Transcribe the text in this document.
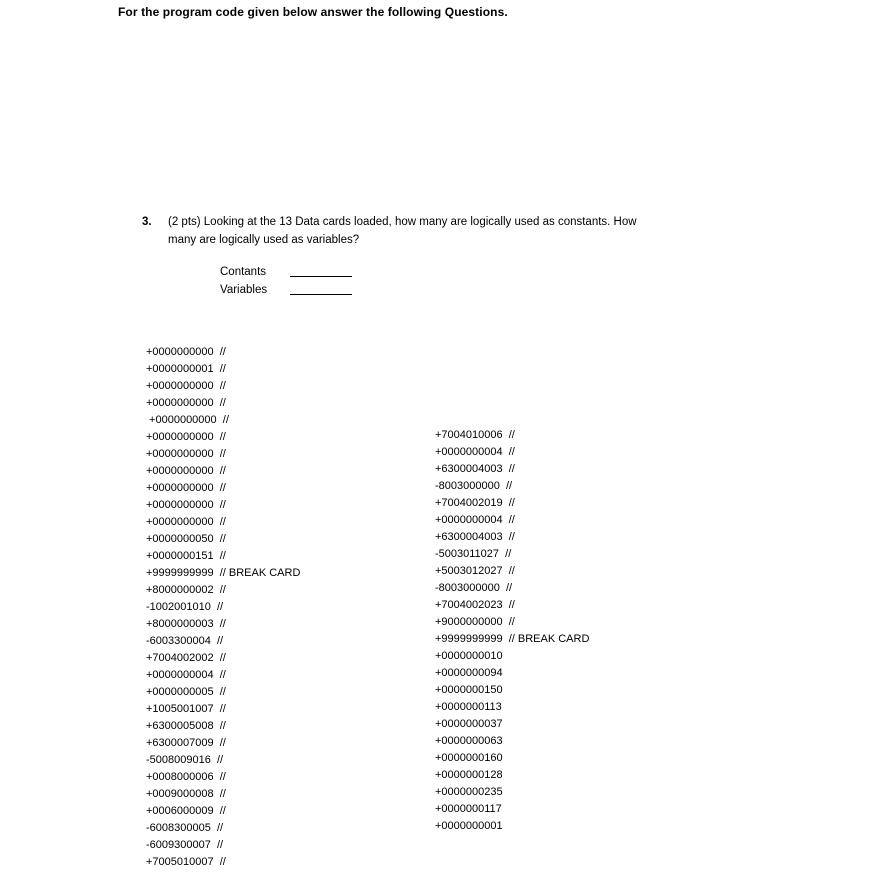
For the program code given below answer the following Questions.
3. (2 pts) Looking at the 13 Data cards loaded, how many are logically used as constants. How
many are logically used as variables?
Contants
Variables
+0000000000  //
+0000000001  //
+0000000000  //
+0000000000  //
+0000000000  //
+0000000000  //
+0000000000  //
+0000000000  //
+0000000000  //
+0000000000  //
+0000000000  //
+0000000050  //
+0000000151  //
+9999999999  // BREAK CARD
+8000000002  //
-1002001010  //
+8000000003  //
-6003300004  //
+7004002002  //
+0000000004  //
+0000000005  //
+1005001007  //
+6300005008  //
+6300007009  //
-5008009016  //
+0008000006  //
+0009000008  //
+0006000009  //
-6008300005  //
-6009300007  //
+7005010007  //
+7004010006  //
+0000000004  //
+6300004003  //
-8003000000  //
+7004002019  //
+0000000004  //
+6300004003  //
-5003011027  //
+5003012027  //
-8003000000  //
+7004002023  //
+9000000000  //
+9999999999  // BREAK CARD
+0000000010
+0000000094
+0000000150
+0000000113
+0000000037
+0000000063
+0000000160
+0000000128
+0000000235
+0000000117
+0000000001
